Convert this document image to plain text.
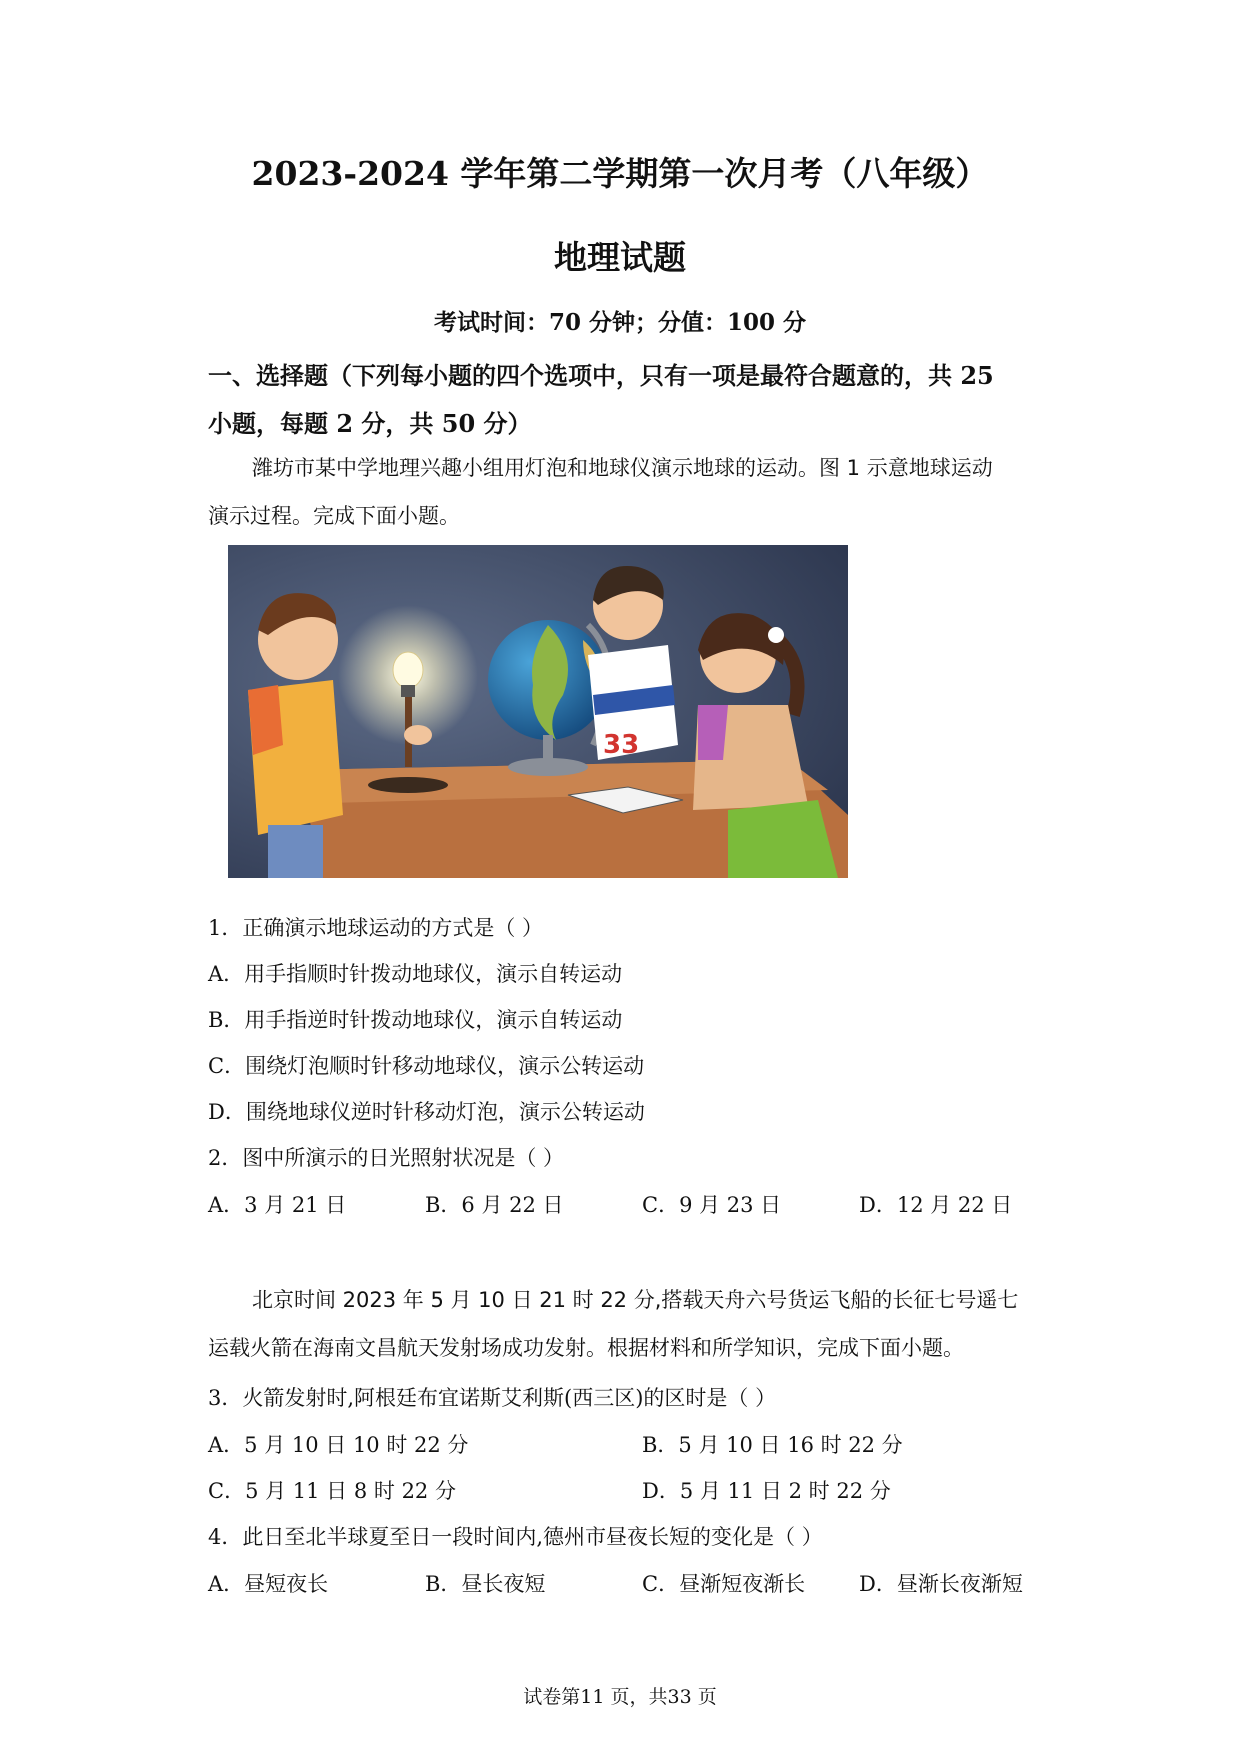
2023-2024 学年第二学期第一次月考（八年级）
地理试题
考试时间：70 分钟；分值：100 分
一、选择题（下列每小题的四个选项中，只有一项是最符合题意的，共 25
小题，每题 2 分，共 50 分）
潍坊市某中学地理兴趣小组用灯泡和地球仪演示地球的运动。图 1 示意地球运动
演示过程。完成下面小题。
33
1．正确演示地球运动的方式是（ ）
A．用手指顺时针拨动地球仪，演示自转运动
B．用手指逆时针拨动地球仪，演示自转运动
C．围绕灯泡顺时针移动地球仪，演示公转运动
D．围绕地球仪逆时针移动灯泡，演示公转运动
2．图中所演示的日光照射状况是（ ）
A．3 月 21 日	B．6 月 22 日	C．9 月 23 日	D．12 月 22 日
北京时间 2023 年 5 月 10 日 21 时 22 分,搭载天舟六号货运飞船的长征七号遥七
运载火箭在海南文昌航天发射场成功发射。根据材料和所学知识，完成下面小题。
3．火箭发射时,阿根廷布宜诺斯艾利斯(西三区)的区时是（ ）
A．5 月 10 日 10 时 22 分	B．5 月 10 日 16 时 22 分
C．5 月 11 日 8 时 22 分	D．5 月 11 日 2 时 22 分
4．此日至北半球夏至日一段时间内,德州市昼夜长短的变化是（ ）
A．昼短夜长	B．昼长夜短	C．昼渐短夜渐长	D．昼渐长夜渐短
试卷第11 页，共33 页
